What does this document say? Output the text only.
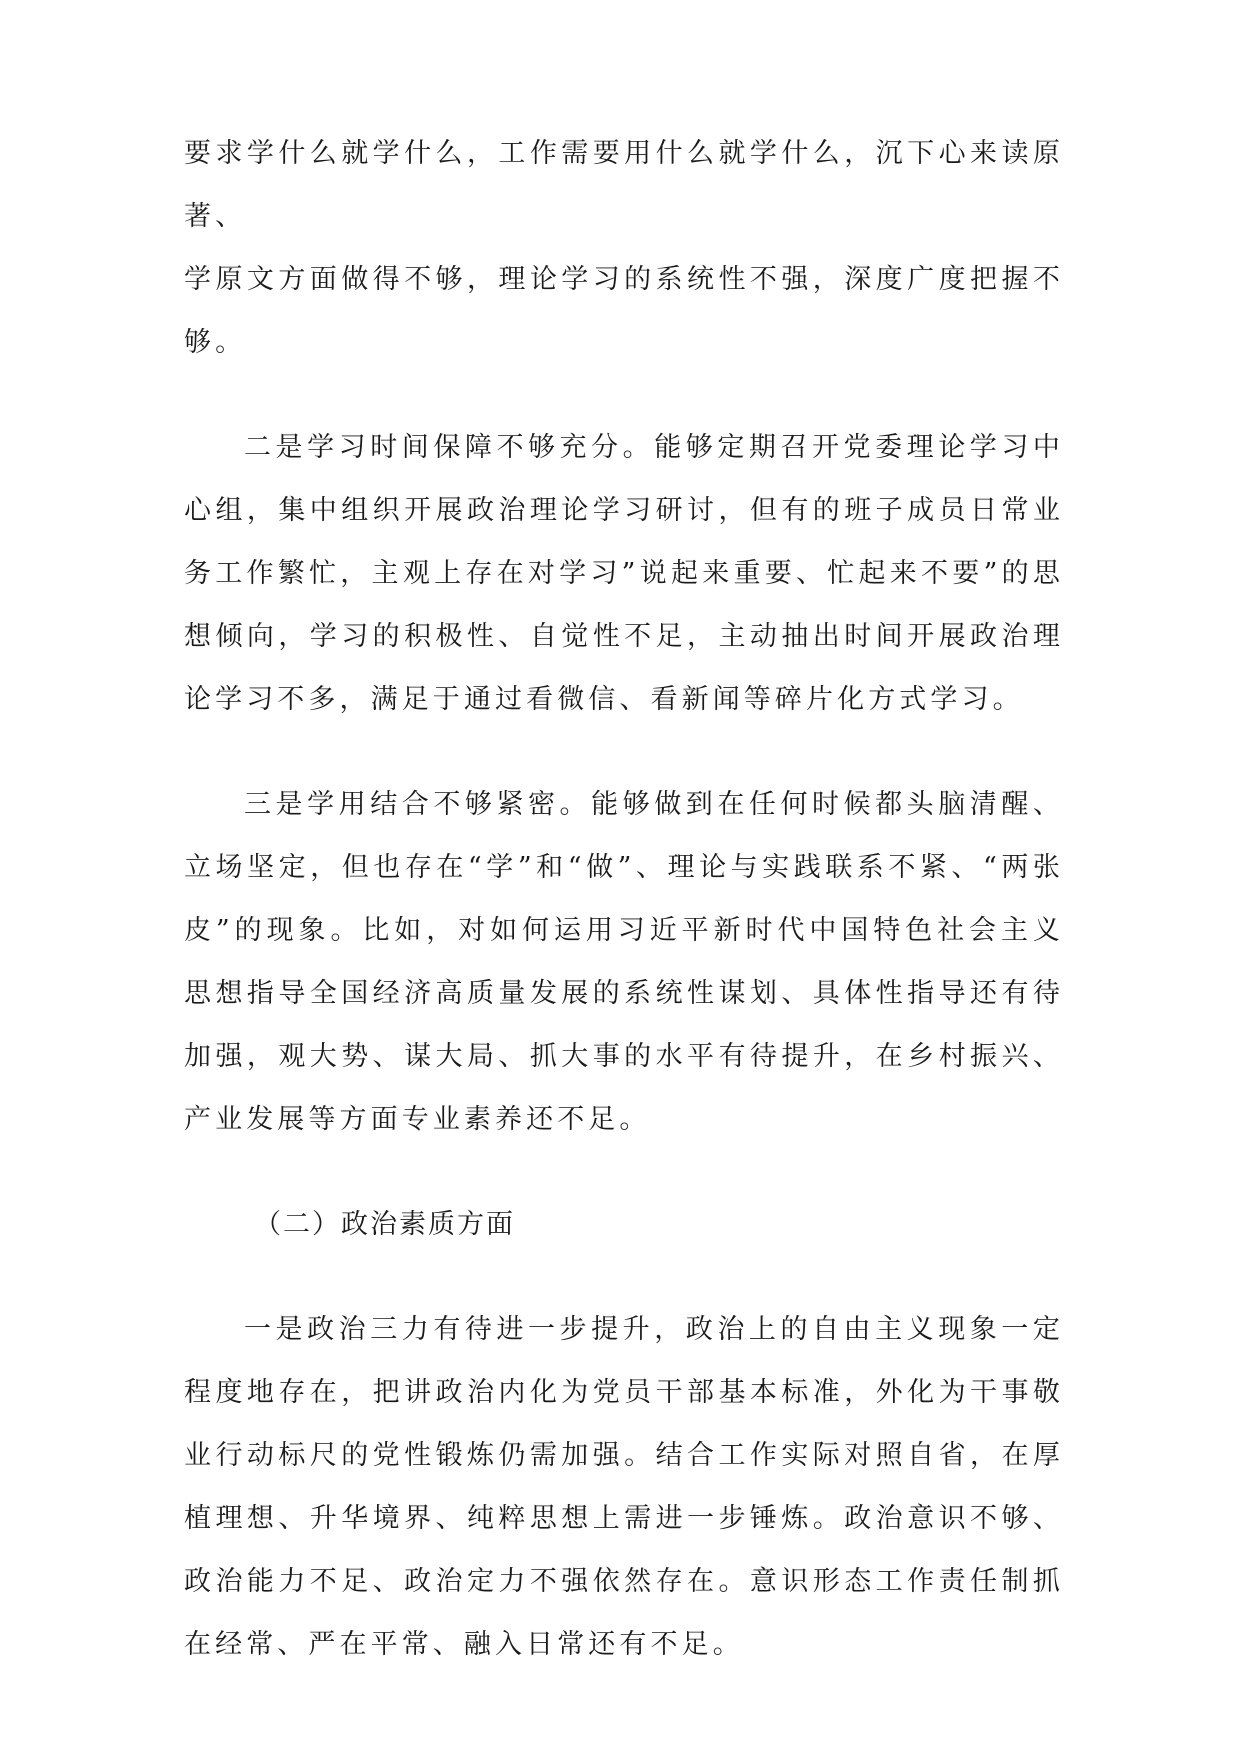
要求学什么就学什么，工作需要用什么就学什么，沉下心来读原著、
学原文方面做得不够，理论学习的系统性不强，深度广度把握不够。

二是学习时间保障不够充分。能够定期召开党委理论学习中心组，集中组织开展政治理论学习研讨，但有的班子成员日常业务工作繁忙，主观上存在对学习”说起来重要、忙起来不要”的思想倾向，学习的积极性、自觉性不足，主动抽出时间开展政治理论学习不多，满足于通过看微信、看新闻等碎片化方式学习。

三是学用结合不够紧密。能够做到在任何时候都头脑清醒、立场坚定，但也存在“学”和“做”、理论与实践联系不紧、“两张皮”的现象。比如，对如何运用习近平新时代中国特色社会主义思想指导全国经济高质量发展的系统性谋划、具体性指导还有待加强，观大势、谋大局、抓大事的水平有待提升，在乡村振兴、产业发展等方面专业素养还不足。

（二）政治素质方面

一是政治三力有待进一步提升，政治上的自由主义现象一定程度地存在，把讲政治内化为党员干部基本标准，外化为干事敬业行动标尺的党性锻炼仍需加强。结合工作实际对照自省，在厚植理想、升华境界、纯粹思想上需进一步锤炼。政治意识不够、政治能力不足、政治定力不强依然存在。意识形态工作责任制抓在经常、严在平常、融入日常还有不足。
